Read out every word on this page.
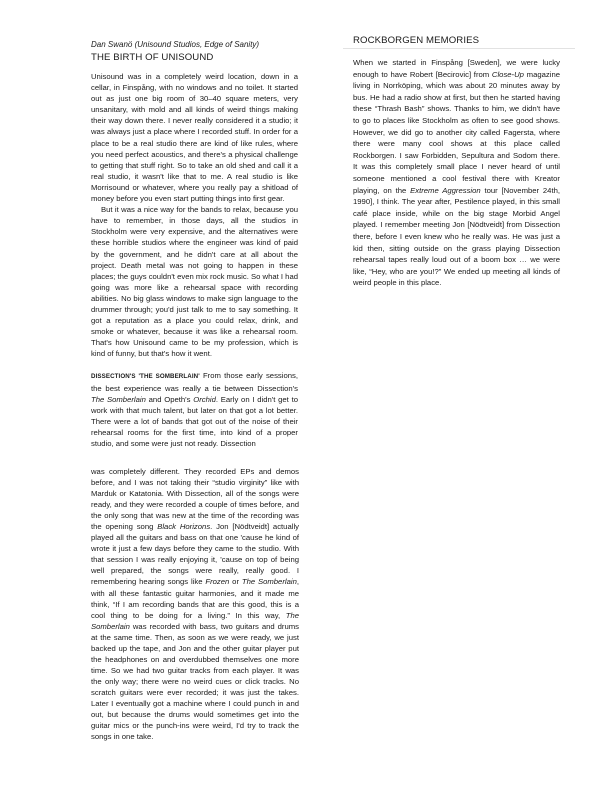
Dan Swanö (Unisound Studios, Edge of Sanity)
THE BIRTH OF UNISOUND
ROCKBORGEN MEMORIES

Unisound was in a completely weird location, down in a cellar, in Finspång, with no windows and no toilet. It started out as just one big room of 30–40 square meters, very unsanitary, with mold and all kinds of weird things making their way down there. I never really considered it a studio; it was always just a place where I recorded stuff. In order for a place to be a real studio there are kind of like rules, where you need perfect acoustics, and there's a physical challenge to getting that stuff right. So to take an old shed and call it a real studio, it wasn't like that to me. A real studio is like Morrisound or whatever, where you really pay a shitload of money before you even start putting things into first gear.

But it was a nice way for the bands to relax, because you have to remember, in those days, all the studios in Stockholm were very expensive, and the alternatives were these horrible studios where the engineer was kind of paid by the government, and he didn't care at all about the project. Death metal was not going to happen in these places; the guys couldn't even mix rock music. So what I had going was more like a rehearsal space with recording abilities. No big glass windows to make sign language to the drummer through; you'd just talk to me to say something. It got a reputation as a place you could relax, drink, and smoke or whatever, because it was like a rehearsal room. That's how Unisound came to be my profession, which is kind of funny, but that's how it went.

DISSECTION'S 'THE SOMBERLAIN' From those early sessions, the best experience was really a tie between Dissection's The Somberlain and Opeth's Orchid. Early on I didn't get to work with that much talent, but later on that got a lot better. There were a lot of bands that got out of the noise of their rehearsal rooms for the first time, into kind of a proper studio, and some were just not ready. Dissection

When we started in Finspång [Sweden], we were lucky enough to have Robert [Becirovic] from Close-Up magazine living in Norrköping, which was about 20 minutes away by bus. He had a radio show at first, but then he started having these “Thrash Bash” shows. Thanks to him, we didn't have to go to places like Stockholm as often to see good shows. However, we did go to another city called Fagersta, where there were many cool shows at this place called Rockborgen. I saw Forbidden, Sepultura and Sodom there. It was this completely small place I never heard of until someone mentioned a cool festival there with Kreator playing, on the Extreme Aggression tour [November 24th, 1990], I think. The year after, Pestilence played, in this small café place inside, while on the big stage Morbid Angel played. I remember meeting Jon [Nödtveidt] from Dissection there, before I even knew who he really was. He was just a kid then, sitting outside on the grass playing Dissection rehearsal tapes really loud out of a boom box … we were like, “Hey, who are you!?” We ended up meeting all kinds of weird people in this place.

was completely different. They recorded EPs and demos before, and I was not taking their “studio virginity” like with Marduk or Katatonia. With Dissection, all of the songs were ready, and they were recorded a couple of times before, and the only song that was new at the time of the recording was the opening song Black Horizons. Jon [Nödtveidt] actually played all the guitars and bass on that one 'cause he kind of wrote it just a few days before they came to the studio. With that session I was really enjoying it, 'cause on top of being well prepared, the songs were really, really good. I remembering hearing songs like Frozen or The Somberlain, with all these fantastic guitar harmonies, and it made me think, “If I am recording bands that are this good, this is a cool thing to be doing for a living.” In this way, The Somberlain was recorded with bass, two guitars and drums at the same time. Then, as soon as we were ready, we just backed up the tape, and Jon and the other guitar player put the headphones on and overdubbed themselves one more time. So we had two guitar tracks from each player. It was the only way; there were no weird cues or click tracks. No scratch guitars were ever recorded; it was just the takes. Later I eventually got a machine where I could punch in and out, but because the drums would sometimes get into the guitar mics or the punch-ins were weird, I'd try to track the songs in one take.
